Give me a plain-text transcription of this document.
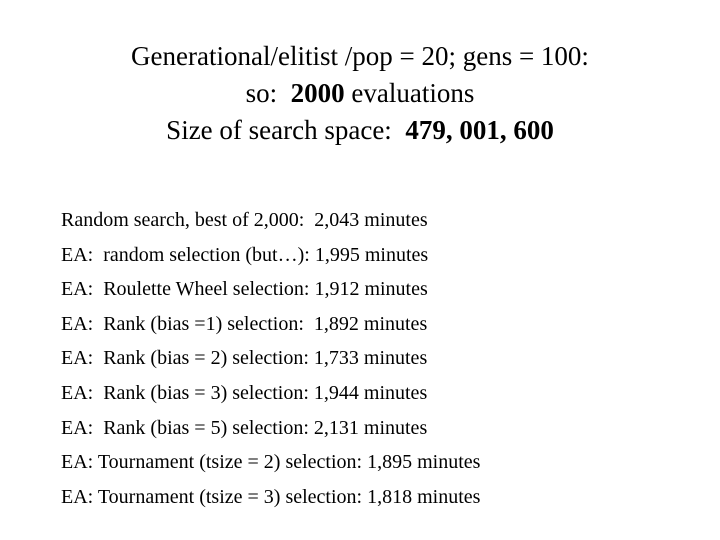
Generational/elitist /pop = 20; gens = 100:
so:  2000 evaluations
Size of search space:  479, 001, 600
Random search, best of 2,000:  2,043 minutes
EA:  random selection (but…): 1,995 minutes
EA:  Roulette Wheel selection: 1,912 minutes
EA:  Rank (bias =1) selection:  1,892 minutes
EA:  Rank (bias = 2) selection: 1,733 minutes
EA:  Rank (bias = 3) selection: 1,944 minutes
EA:  Rank (bias = 5) selection: 2,131 minutes
EA: Tournament (tsize = 2) selection: 1,895 minutes
EA: Tournament (tsize = 3) selection: 1,818 minutes
